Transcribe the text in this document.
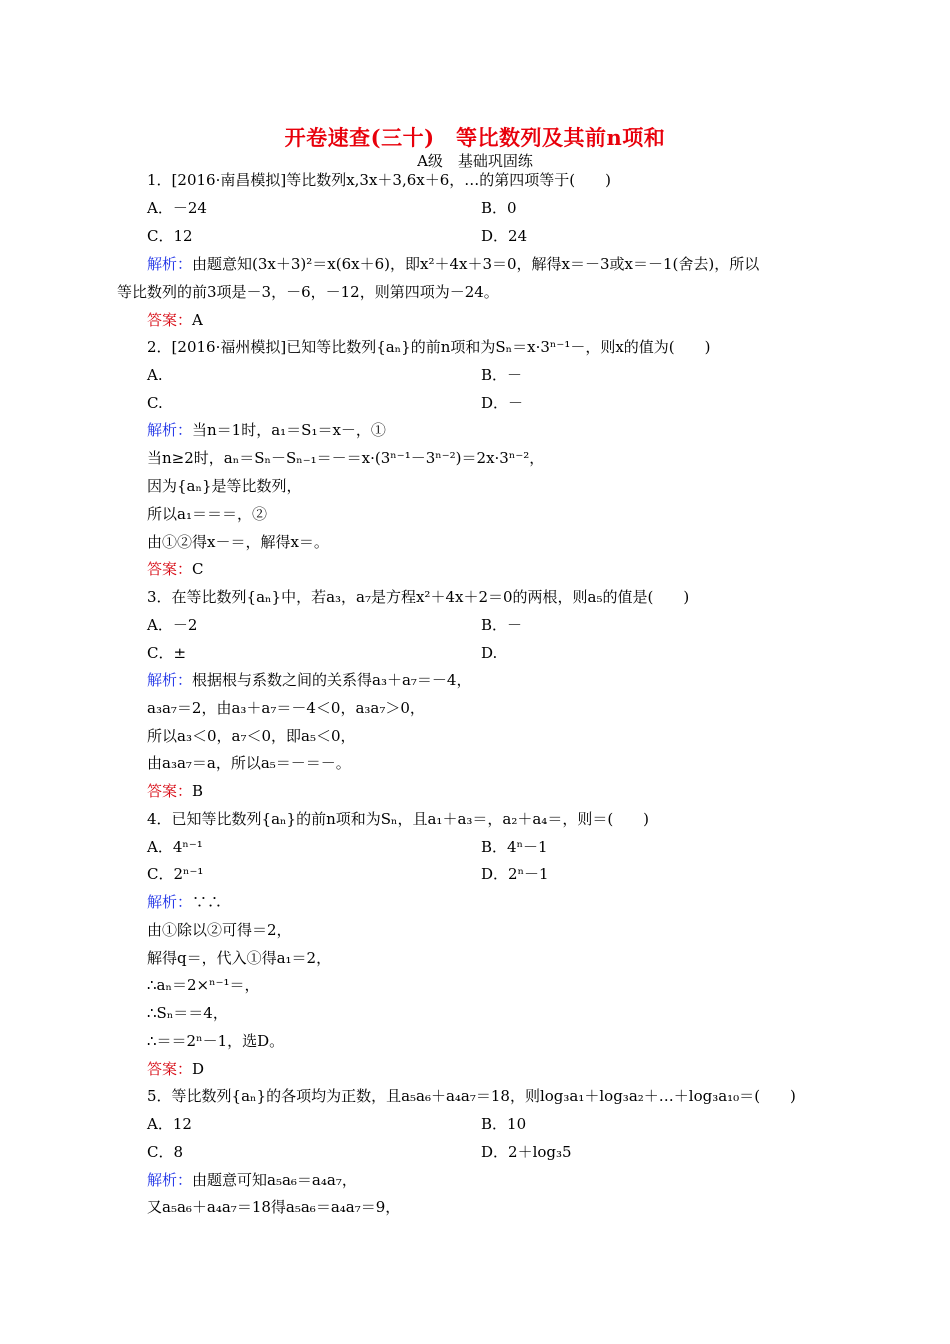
开卷速查(三十)　等比数列及其前n项和
A级　基础巩固练
1．[2016·南昌模拟]等比数列x,3x＋3,6x＋6，…的第四项等于(　　)
A．－24	B．0
C．12	D．24
解析：由题意知(3x＋3)²＝x(6x＋6)，即x²＋4x＋3＝0，解得x＝－3或x＝－1(舍去)，所以
等比数列的前3项是－3，－6，－12，则第四项为－24。
答案：A
2．[2016·福州模拟]已知等比数列{aₙ}的前n项和为Sₙ＝x·3ⁿ⁻¹－，则x的值为(　　)
A.	B．－
C.	D．－
解析：当n＝1时，a₁＝S₁＝x－，①
当n≥2时，aₙ＝Sₙ－Sₙ₋₁＝－＝x·(3ⁿ⁻¹－3ⁿ⁻²)＝2x·3ⁿ⁻²，
因为{aₙ}是等比数列，
所以a₁＝＝＝，②
由①②得x－＝，解得x＝。
答案：C
3．在等比数列{aₙ}中，若a₃，a₇是方程x²＋4x＋2＝0的两根，则a₅的值是(　　)
A．－2	B．－
C．±	D.
解析：根据根与系数之间的关系得a₃＋a₇＝－4，
a₃a₇＝2，由a₃＋a₇＝－4＜0，a₃a₇＞0，
所以a₃＜0，a₇＜0，即a₅＜0，
由a₃a₇＝a，所以a₅＝－＝－。
答案：B
4．已知等比数列{aₙ}的前n项和为Sₙ，且a₁＋a₃＝，a₂＋a₄＝，则＝(　　)
A．4ⁿ⁻¹	B．4ⁿ－1
C．2ⁿ⁻¹	D．2ⁿ－1
解析：∵∴
由①除以②可得＝2，
解得q＝，代入①得a₁＝2，
∴aₙ＝2×ⁿ⁻¹＝，
∴Sₙ＝＝4，
∴＝＝2ⁿ－1，选D。
答案：D
5．等比数列{aₙ}的各项均为正数，且a₅a₆＋a₄a₇＝18，则log₃a₁＋log₃a₂＋…＋log₃a₁₀＝(　　)
A．12	B．10
C．8	D．2＋log₃5
解析：由题意可知a₅a₆＝a₄a₇，
又a₅a₆＋a₄a₇＝18得a₅a₆＝a₄a₇＝9，
